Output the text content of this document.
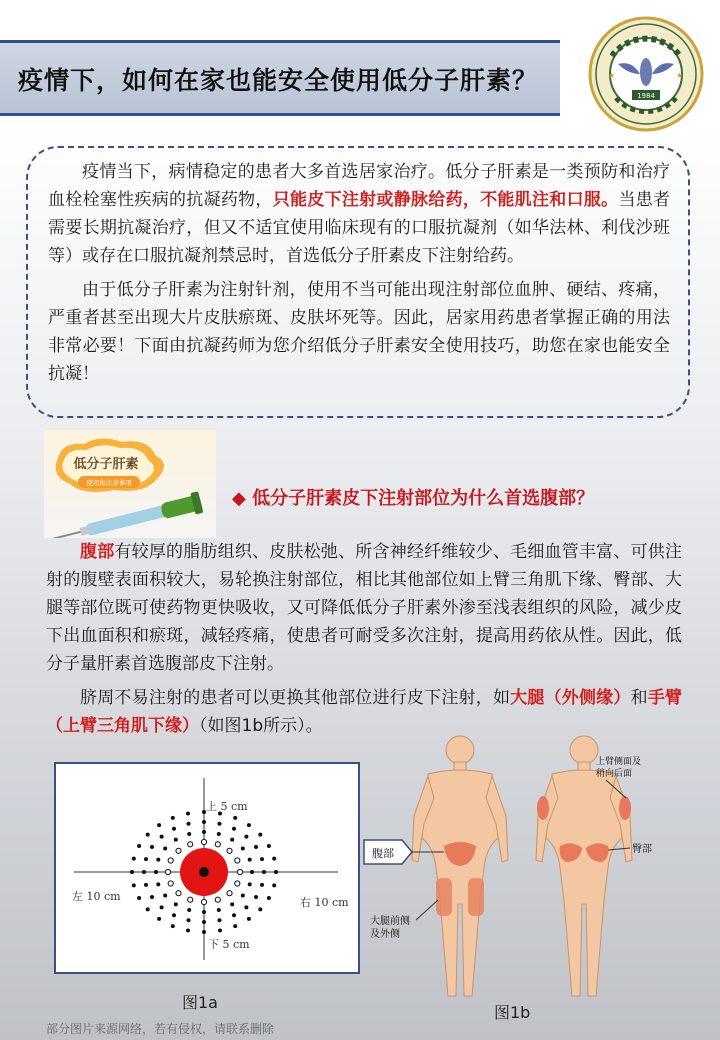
疫情下，如何在家也能安全使用低分子肝素？
1984
★	★

疫情当下，病情稳定的患者大多首选居家治疗。低分子肝素是一类预防和治疗血栓栓塞性疾病的抗凝药物，只能皮下注射或静脉给药，不能肌注和口服。当患者需要长期抗凝治疗，但又不适宜使用临床现有的口服抗凝剂（如华法林、利伐沙班等）或存在口服抗凝剂禁忌时，首选低分子肝素皮下注射给药。

由于低分子肝素为注射针剂，使用不当可能出现注射部位血肿、硬结、疼痛，严重者甚至出现大片皮肤瘀斑、皮肤坏死等。因此，居家用药患者掌握正确的用法非常必要！下面由抗凝药师为您介绍低分子肝素安全使用技巧，助您在家也能安全抗凝！

低分子肝素
使用和注意事项
◆ 低分子肝素皮下注射部位为什么首选腹部？

腹部有较厚的脂肪组织、皮肤松弛、所含神经纤维较少、毛细血管丰富、可供注射的腹壁表面积较大，易轮换注射部位，相比其他部位如上臂三角肌下缘、臀部、大腿等部位既可使药物更快吸收，又可降低低分子肝素外渗至浅表组织的风险，减少皮下出血面积和瘀斑，减轻疼痛，使患者可耐受多次注射，提高用药依从性。因此，低分子量肝素首选腹部皮下注射。

脐周不易注射的患者可以更换其他部位进行皮下注射，如大腿（外侧缘）和手臂（上臂三角肌下缘）（如图1b所示）。

上 5 cm
左 10 cm	右 10 cm
下 5 cm
图1a
腹部	臀部
上臂侧面及 稍向后面
大腿前侧 及外侧
图1b
部分图片来源网络，若有侵权，请联系删除
